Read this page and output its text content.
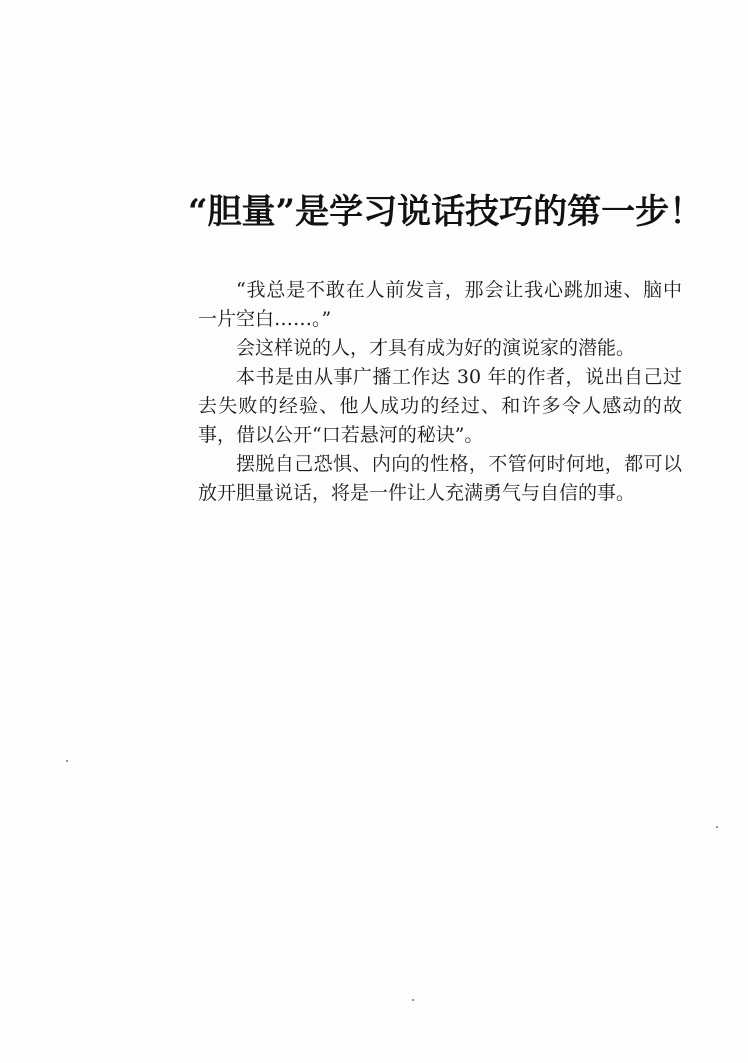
“胆量”是学习说话技巧的第一步！

“我总是不敢在人前发言，那会让我心跳加速、脑中一片空白……。”

会这样说的人，才具有成为好的演说家的潜能。

本书是由从事广播工作达 30 年的作者，说出自己过去失败的经验、他人成功的经过、和许多令人感动的故事，借以公开“口若悬河的秘诀”。

摆脱自己恐惧、内向的性格，不管何时何地，都可以放开胆量说话，将是一件让人充满勇气与自信的事。
